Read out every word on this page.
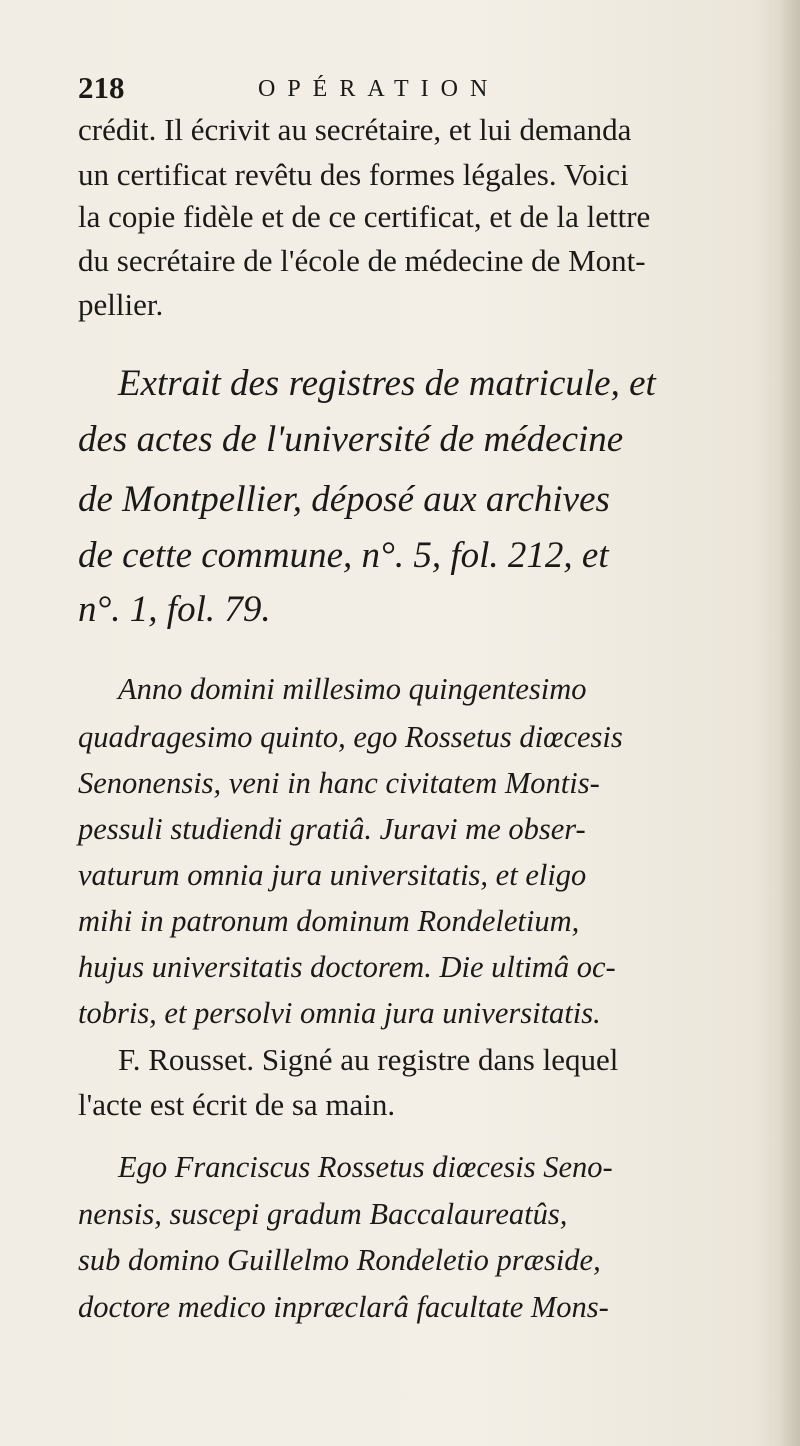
218	OPÉRATION
crédit. Il écrivit au secrétaire, et lui demanda
un certificat revêtu des formes légales. Voici
la copie fidèle et de ce certificat, et de la lettre
du secrétaire de l'école de médecine de Mont-
pellier.
Extrait des registres de matricule, et
des actes de l'université de médecine
de Montpellier, déposé aux archives
de cette commune, n°. 5, fol. 212, et
n°. 1, fol. 79.
Anno domini millesimo quingentesimo
quadragesimo quinto, ego Rossetus diœcesis
Senonensis, veni in hanc civitatem Montis-
pessuli studiendi gratiâ. Juravi me obser-
vaturum omnia jura universitatis, et eligo
mihi in patronum dominum Rondeletium,
hujus universitatis doctorem. Die ultimâ oc-
tobris, et persolvi omnia jura universitatis.
F. Rousset. Signé au registre dans lequel
l'acte est écrit de sa main.
Ego Franciscus Rossetus diœcesis Seno-
nensis, suscepi gradum Baccalaureatûs,
sub domino Guillelmo Rondeletio præside,
doctore medico inpræclarâ facultate Mons-
